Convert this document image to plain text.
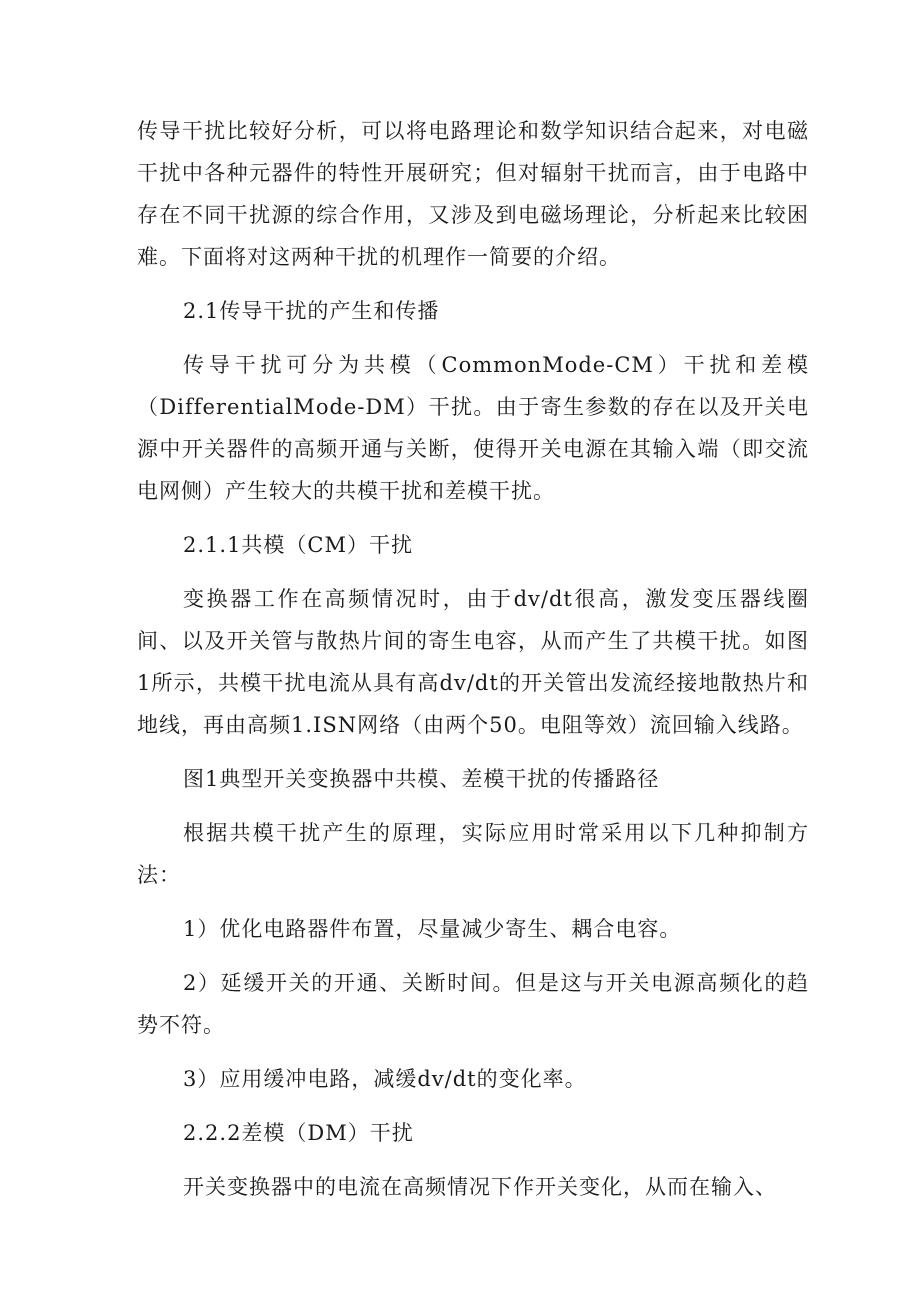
传导干扰比较好分析，可以将电路理论和数学知识结合起来，对电磁干扰中各种元器件的特性开展研究；但对辐射干扰而言，由于电路中存在不同干扰源的综合作用，又涉及到电磁场理论，分析起来比较困难。下面将对这两种干扰的机理作一简要的介绍。

2.1传导干扰的产生和传播

传导干扰可分为共模（CommonMode-CM）干扰和差模（DifferentialMode-DM）干扰。由于寄生参数的存在以及开关电源中开关器件的高频开通与关断，使得开关电源在其输入端（即交流电网侧）产生较大的共模干扰和差模干扰。

2.1.1共模（CM）干扰

变换器工作在高频情况时，由于dv/dt很高，激发变压器线圈间、以及开关管与散热片间的寄生电容，从而产生了共模干扰。如图1所示，共模干扰电流从具有高dv/dt的开关管出发流经接地散热片和地线，再由高频1.ISN网络（由两个50。电阻等效）流回输入线路。

图1典型开关变换器中共模、差模干扰的传播路径

根据共模干扰产生的原理，实际应用时常采用以下几种抑制方法：

1）优化电路器件布置，尽量减少寄生、耦合电容。

2）延缓开关的开通、关断时间。但是这与开关电源高频化的趋势不符。

3）应用缓冲电路，减缓dv/dt的变化率。

2.2.2差模（DM）干扰

开关变换器中的电流在高频情况下作开关变化，从而在输入、
